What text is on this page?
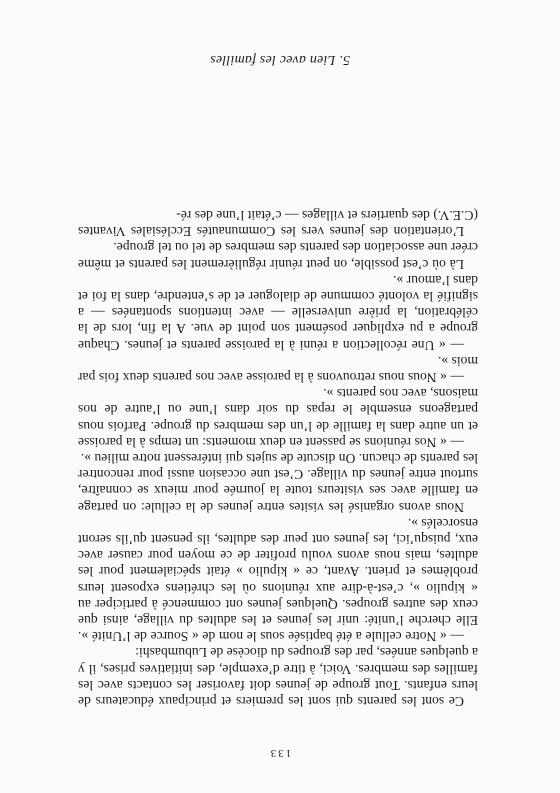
5. Lien avec les familles

Ce sont les parents qui sont les premiers et principaux éducateurs de leurs enfants. Tout groupe de jeunes doit favoriser les contacts avec les familles des membres. Voici, à titre d’exemple, des initiatives prises, il y a quelques années, par des groupes du diocèse de Lubumbashi:

— « Notre cellule a été baptisée sous le nom de « Source de l’Unité ». Elle cherche l’unité: unir les jeunes et les adultes du village, ainsi que ceux des autres groupes. Quelques jeunes ont commencé à participer au « kipulio », c’est-à-dire aux réunions où les chrétiens exposent leurs problèmes et prient. Avant, ce « kipulio » était spécialement pour les adultes, mais nous avons voulu profiter de ce moyen pour causer avec eux, puisqu’ici, les jeunes ont peur des adultes, ils pensent qu’ils seront ensorcelés ».

Nous avons organisé les visites entre jeunes de la cellule: on partage en famille avec ses visiteurs toute la journée pour mieux se connaître, surtout entre jeunes du village. C’est une occasion aussi pour rencontrer les parents de chacun. On discute de sujets qui intéressent notre milieu ».

— « Nos réunions se passent en deux moments: un temps à la paroisse et un autre dans la famille de l’un des membres du groupe. Parfois nous partageons ensemble le repas du soir dans l’une ou l’autre de nos maisons, avec nos parents ».

— « Nous nous retrouvons à la paroisse avec nos parents deux fois par mois ».

— « Une récollection a réuni à la paroisse parents et jeunes. Chaque groupe a pu expliquer posément son point de vue. A la fin, lors de la célébration, la prière universelle — avec intentions spontanées — a signifié la volonté commune de dialoguer et de s’entendre, dans la foi et dans l’amour ».

Là où c’est possible, on peut réunir régulièrement les parents et même créer une association des parents des membres de tel ou tel groupe.

L’orientation des jeunes vers les Communautés Ecclésiales Vivantes (C.E.V.) des quartiers et villages — c’était l’une des ré-

133
